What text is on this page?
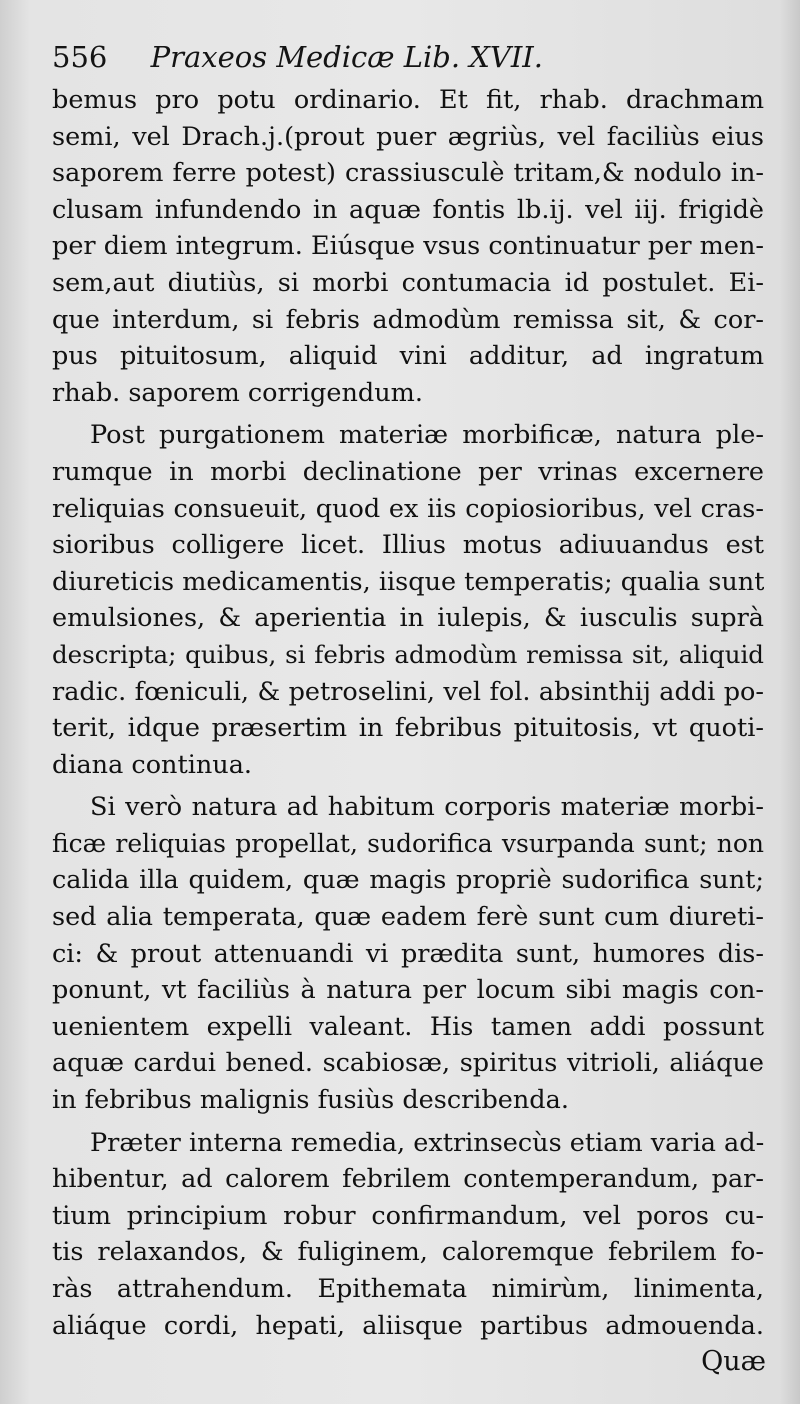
556 Praxeos Medicæ Lib. XVII.

bemus pro potu ordinario. Et fit, rhab. drachmam
semi, vel Drach.j.(prout puer ægriùs, vel faciliùs eius
saporem ferre potest) crassiusculè tritam,& nodulo in-
clusam infundendo in aquæ fontis lb.ij. vel iij. frigidè
per diem integrum. Eiúsque vsus continuatur per men-
sem,aut diutiùs, si morbi contumacia id postulet. Ei-
que interdum, si febris admodùm remissa sit, & cor-
pus pituitosum, aliquid vini additur, ad ingratum
rhab. saporem corrigendum.

Post purgationem materiæ morbificæ, natura ple-
rumque in morbi declinatione per vrinas excernere
reliquias consueuit, quod ex iis copiosioribus, vel cras-
sioribus colligere licet. Illius motus adiuuandus est
diureticis medicamentis, iisque temperatis; qualia sunt
emulsiones, & aperientia in iulepis, & iusculis suprà
descripta; quibus, si febris admodùm remissa sit, aliquid
radic. fœniculi, & petroselini, vel fol. absinthij addi po-
terit, idque præsertim in febribus pituitosis, vt quoti-
diana continua.

Si verò natura ad habitum corporis materiæ morbi-
ficæ reliquias propellat, sudorifica vsurpanda sunt; non
calida illa quidem, quæ magis propriè sudorifica sunt;
sed alia temperata, quæ eadem ferè sunt cum diureti-
ci: & prout attenuandi vi prædita sunt, humores dis-
ponunt, vt faciliùs à natura per locum sibi magis con-
uenientem expelli valeant. His tamen addi possunt
aquæ cardui bened. scabiosæ, spiritus vitrioli, aliáque
in febribus malignis fusiùs describenda.

Præter interna remedia, extrinsecùs etiam varia ad-
hibentur, ad calorem febrilem contemperandum, par-
tium principium robur confirmandum, vel poros cu-
tis relaxandos, & fuliginem, caloremque febrilem fo-
ràs attrahendum. Epithemata nimirùm, linimenta,
aliáque cordi, hepati, aliisque partibus admouenda.

Quæ
